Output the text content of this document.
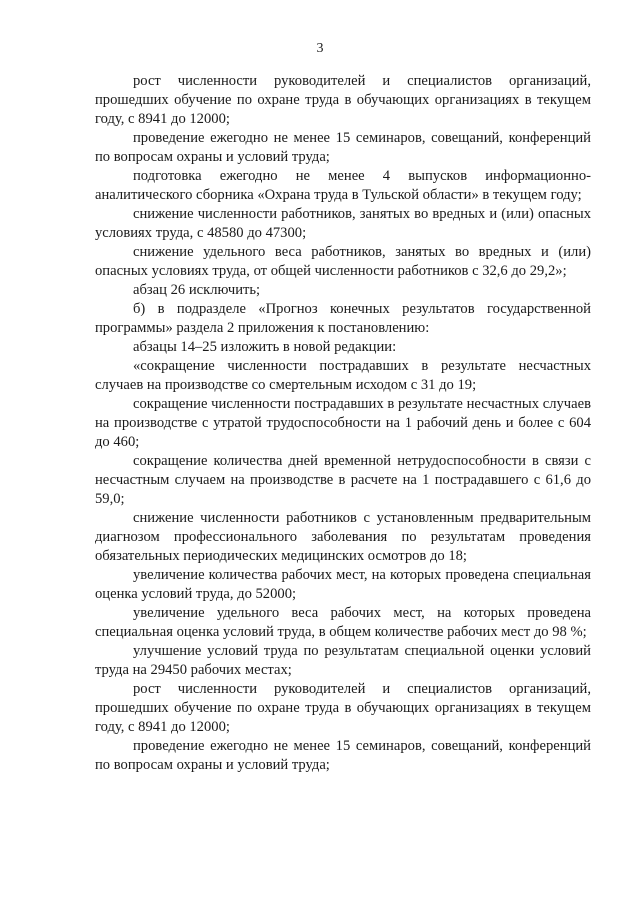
3

рост численности руководителей и специалистов организаций, прошедших обучение по охране труда в обучающих организациях в текущем году, с 8941 до 12000;

проведение ежегодно не менее 15 семинаров, совещаний, конференций по вопросам охраны и условий труда;

подготовка ежегодно не менее 4 выпусков информационно-аналитического сборника «Охрана труда в Тульской области» в текущем году;

снижение численности работников, занятых во вредных и (или) опасных условиях труда, с 48580 до 47300;

снижение удельного веса работников, занятых во вредных и (или) опасных условиях труда, от общей численности работников с 32,6 до 29,2»;

абзац 26 исключить;

б) в подразделе «Прогноз конечных результатов государственной программы» раздела 2 приложения к постановлению:

абзацы 14–25 изложить в новой редакции:

«сокращение численности пострадавших в результате несчастных случаев на производстве со смертельным исходом с 31 до 19;

сокращение численности пострадавших в результате несчастных случаев на производстве с утратой трудоспособности на 1 рабочий день и более с 604 до 460;

сокращение количества дней временной нетрудоспособности в связи с несчастным случаем на производстве в расчете на 1 пострадавшего с 61,6 до 59,0;

снижение численности работников с установленным предварительным диагнозом профессионального заболевания по результатам проведения обязательных периодических медицинских осмотров до 18;

увеличение количества рабочих мест, на которых проведена специальная оценка условий труда, до 52000;

увеличение удельного веса рабочих мест, на которых проведена специальная оценка условий труда, в общем количестве рабочих мест до 98 %;

улучшение условий труда по результатам специальной оценки условий труда на 29450 рабочих местах;

рост численности руководителей и специалистов организаций, прошедших обучение по охране труда в обучающих организациях в текущем году, с 8941 до 12000;

проведение ежегодно не менее 15 семинаров, совещаний, конференций по вопросам охраны и условий труда;
